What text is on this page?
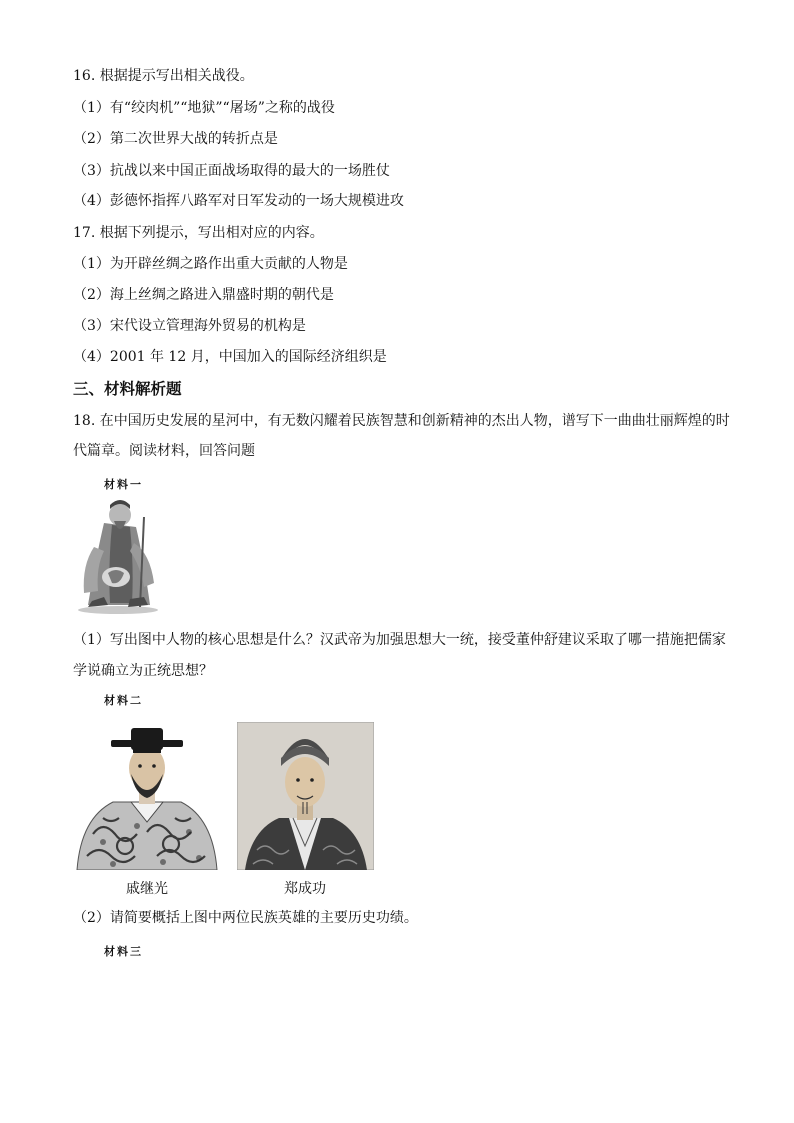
16. 根据提示写出相关战役。
（1）有“绞肉机”“地狱”“屠场”之称的战役
（2）第二次世界大战的转折点是
（3）抗战以来中国正面战场取得的最大的一场胜仗
（4）彭德怀指挥八路军对日军发动的一场大规模进攻
17. 根据下列提示，写出相对应的内容。
（1）为开辟丝绸之路作出重大贡献的人物是
（2）海上丝绸之路进入鼎盛时期的朝代是
（3）宋代设立管理海外贸易的机构是
（4）2001 年 12 月，中国加入的国际经济组织是
三、材料解析题
18. 在中国历史发展的星河中，有无数闪耀着民族智慧和创新精神的杰出人物，谱写下一曲曲壮丽辉煌的时
代篇章。阅读材料，回答问题
材料一
（1）写出图中人物的核心思想是什么？汉武帝为加强思想大一统，接受董仲舒建议采取了哪一措施把儒家
学说确立为正统思想？
材料二
戚继光	郑成功
（2）请简要概括上图中两位民族英雄的主要历史功绩。
材料三
